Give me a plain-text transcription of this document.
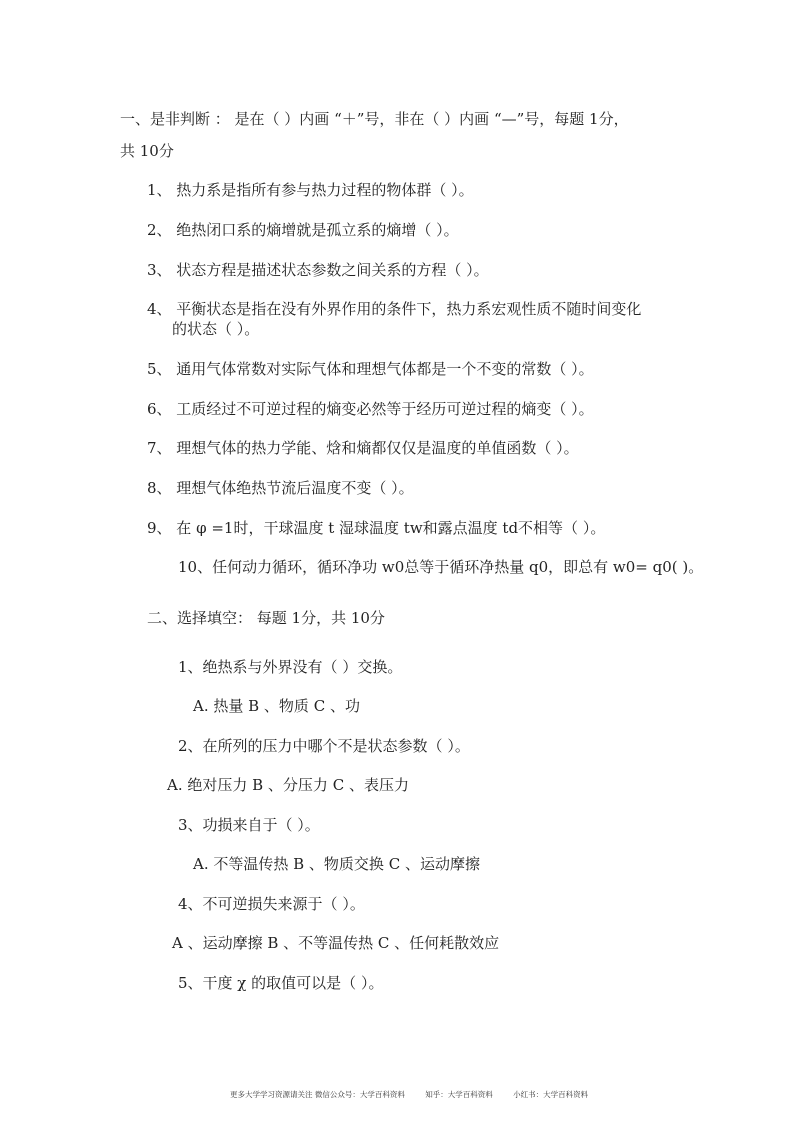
一、是非判断 ： 是在（ ）内画 “＋”号，非在（ ）内画 “—”号，每题 1分，
共 10分
1、 热力系是指所有参与热力过程的物体群（ ）。
2、 绝热闭口系的熵增就是孤立系的熵增（ ）。
3、 状态方程是描述状态参数之间关系的方程（ ）。
4、 平衡状态是指在没有外界作用的条件下，热力系宏观性质不随时间变化
的状态（ ）。
5、 通用气体常数对实际气体和理想气体都是一个不变的常数（ ）。
6、 工质经过不可逆过程的熵变必然等于经历可逆过程的熵变（ ）。
7、 理想气体的热力学能、焓和熵都仅仅是温度的单值函数（ ）。
8、 理想气体绝热节流后温度不变（ ）。
9、 在 φ =1时，干球温度 t 湿球温度 tw和露点温度 td不相等（ ）。
10、任何动力循环，循环净功 w0总等于循环净热量 q0，即总有 w0= q0( )。
二、选择填空： 每题 1分，共 10分
1、绝热系与外界没有（ ）交换。
A. 热量 B 、物质 C 、功
2、在所列的压力中哪个不是状态参数（ ）。
A. 绝对压力 B 、分压力 C 、表压力
3、功损来自于（ ）。
A. 不等温传热 B 、物质交换 C 、运动摩擦
4、不可逆损失来源于（ ）。
A 、运动摩擦 B 、不等温传热 C 、任何耗散效应
5、干度 χ 的取值可以是（ ）。
更多大学学习资源请关注 微信公众号：大学百科资料	知乎：大学百科资料	小红书：大学百科资料
